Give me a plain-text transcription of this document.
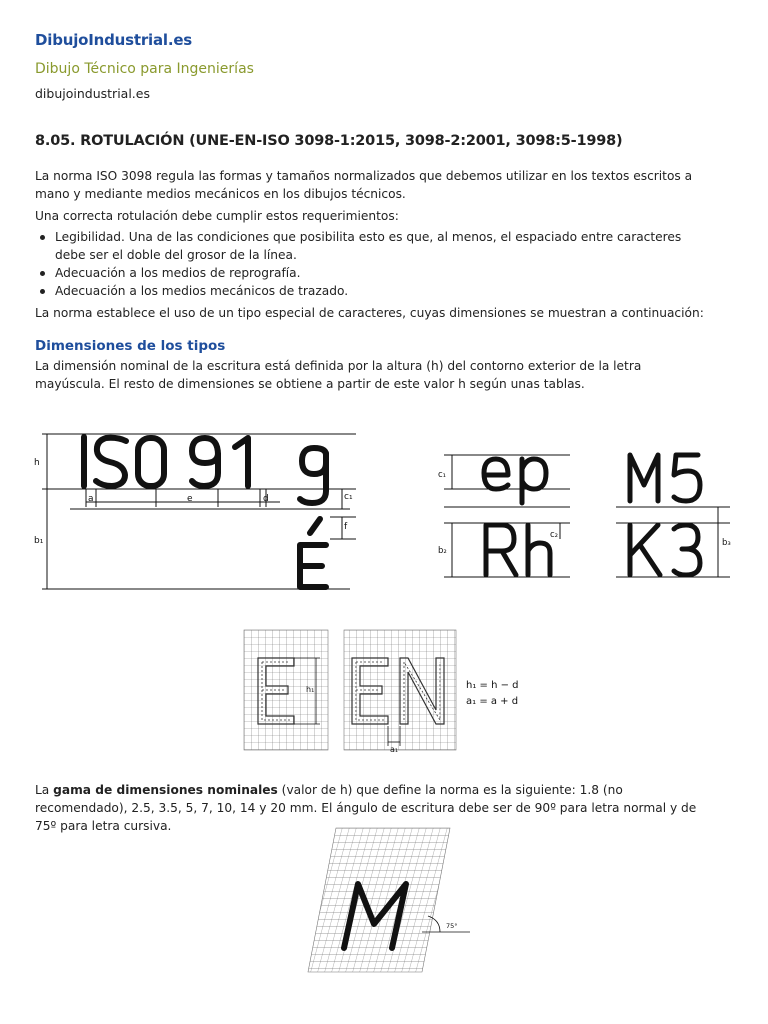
DibujoIndustrial.es
Dibujo Técnico para Ingenierías
dibujoindustrial.es
8.05. ROTULACIÓN (UNE-EN-ISO 3098-1:2015, 3098-2:2001, 3098:5-1998)

La norma ISO 3098 regula las formas y tamaños normalizados que debemos utilizar en los textos escritos a mano y mediante medios mecánicos en los dibujos técnicos.

Una correcta rotulación debe cumplir estos requerimientos:

Legibilidad. Una de las condiciones que posibilita esto es que, al menos, el espaciado entre caracteres debe ser el doble del grosor de la línea.
Adecuación a los medios de reprografía.
Adecuación a los medios mecánicos de trazado.

La norma establece el uso de un tipo especial de caracteres, cuyas dimensiones se muestran a continuación:

Dimensiones de los tipos

La dimensión nominal de la escritura está definida por la altura (h) del contorno exterior de la letra mayúscula. El resto de dimensiones se obtiene a partir de este valor h según unas tablas.

h
b₁
a	e	d	c₁
f
c₁
b₂
c₂
b₃
h₁
a₁
h₁ = h − d
a₁ = a + d

La gama de dimensiones nominales (valor de h) que define la norma es la siguiente: 1.8 (no recomendado), 2.5, 3.5, 5, 7, 10, 14 y 20 mm. El ángulo de escritura debe ser de 90º para letra normal y de 75º para letra cursiva.

75°
